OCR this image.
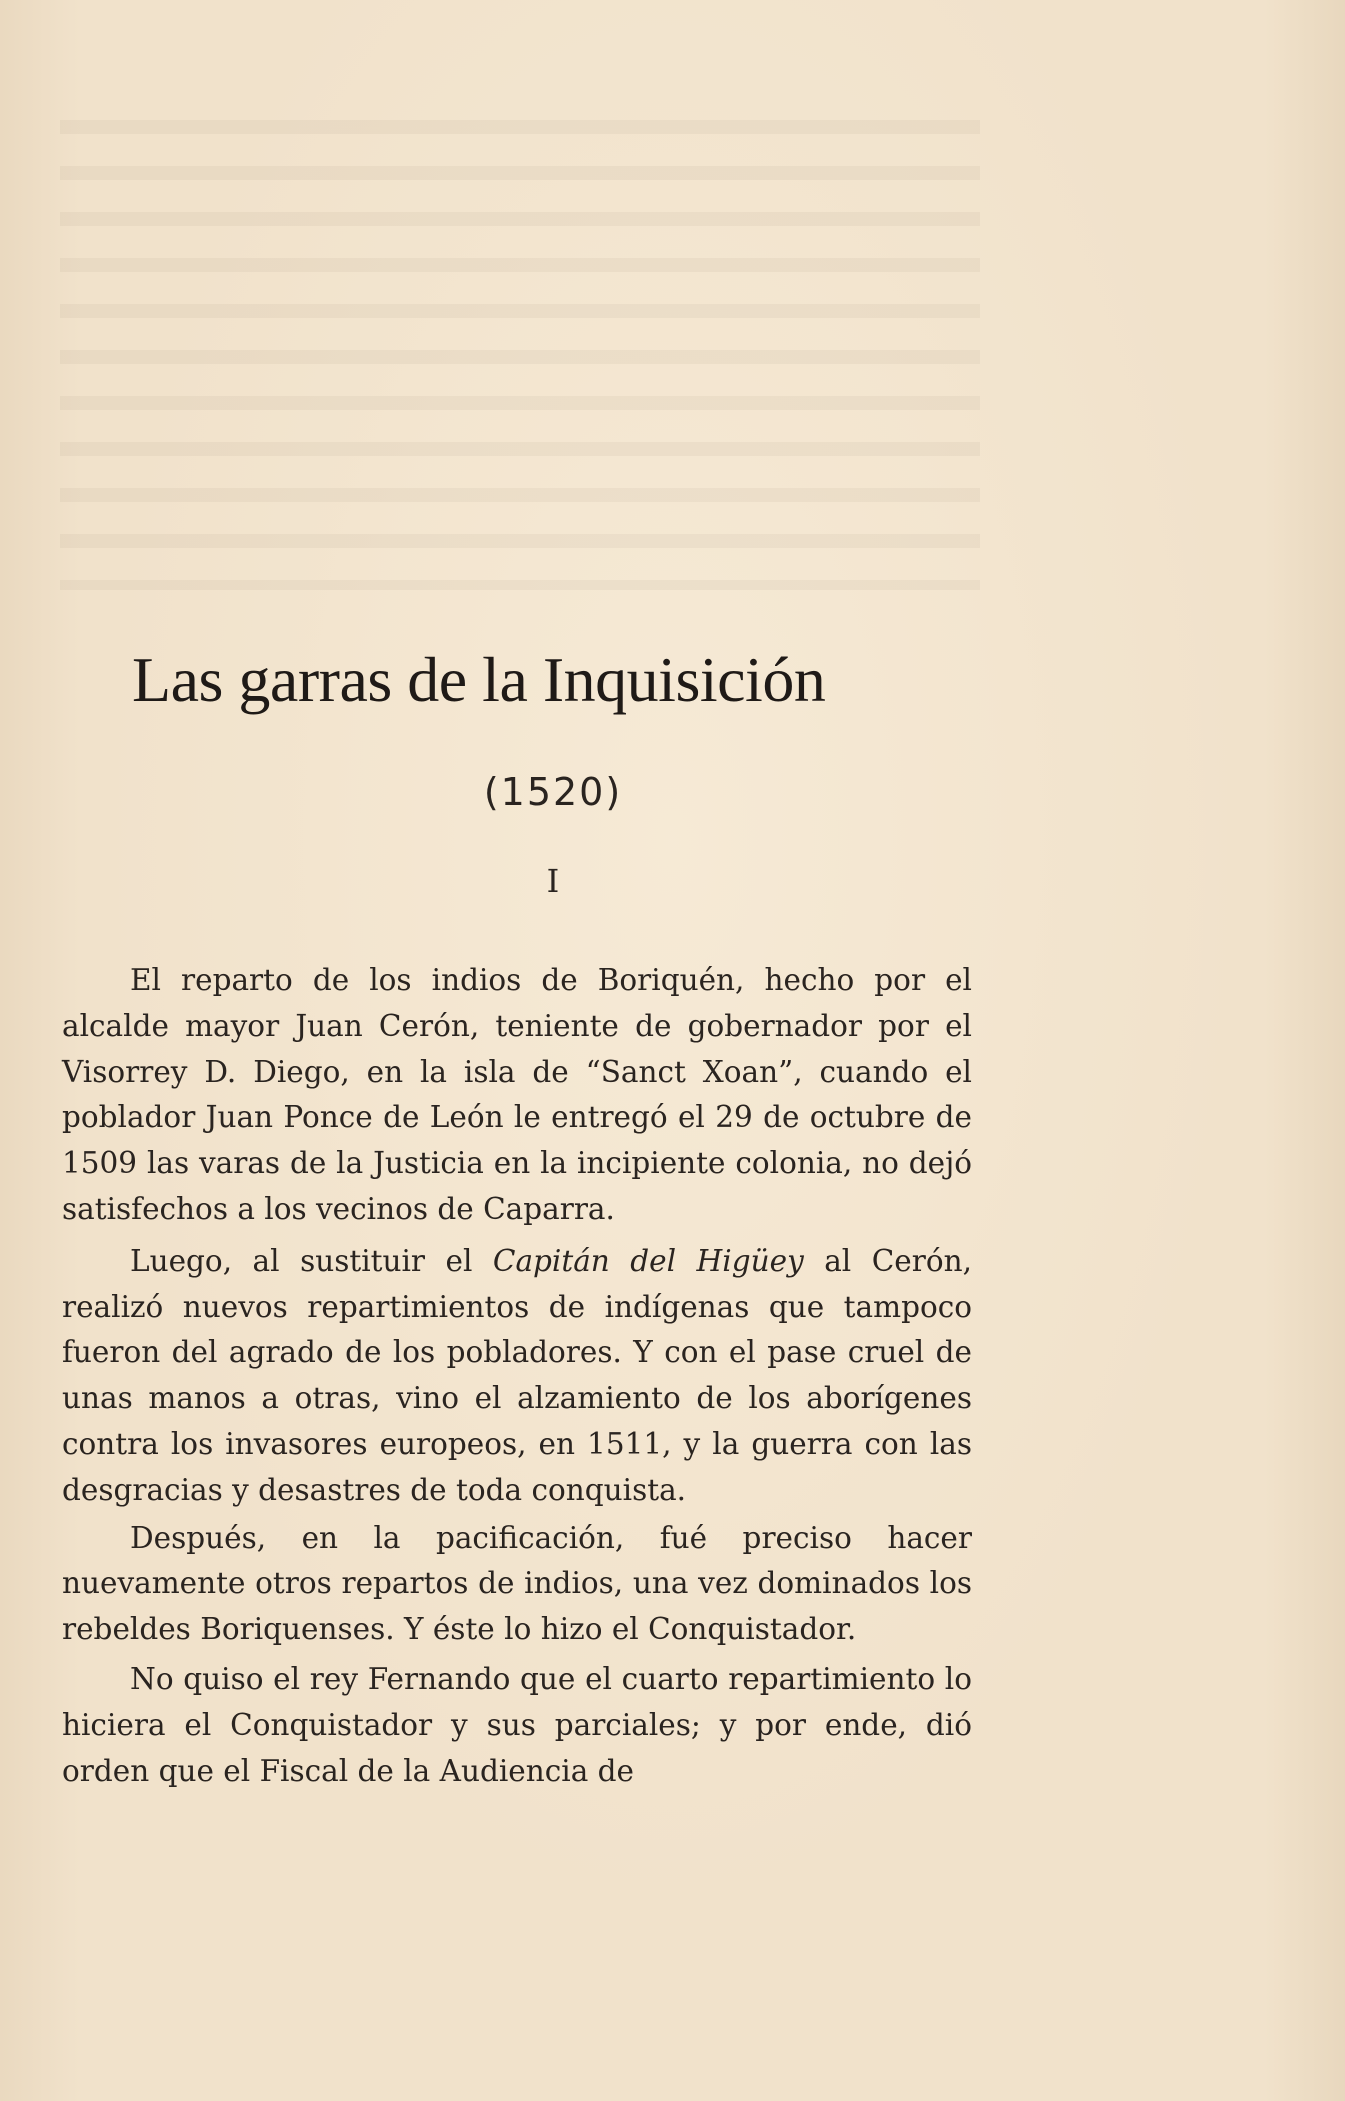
Las garras de la Inquisición
(1520)
I

El reparto de los indios de Boriquén, hecho por el alcalde mayor Juan Cerón, teniente de gobernador por el Visorrey D. Diego, en la isla de “Sanct Xoan”, cuando el poblador Juan Ponce de León le entregó el 29 de octubre de 1509 las varas de la Justicia en la incipiente colonia, no dejó satisfechos a los vecinos de Caparra.

Luego, al sustituir el Capitán del Higüey al Cerón, realizó nuevos repartimientos de indígenas que tampoco fueron del agrado de los pobladores. Y con el pase cruel de unas manos a otras, vino el alzamiento de los aborígenes contra los invasores europeos, en 1511, y la guerra con las desgracias y desastres de toda conquista.

Después, en la pacificación, fué preciso hacer nuevamente otros repartos de indios, una vez dominados los rebeldes Boriquenses. Y éste lo hizo el Conquistador.

No quiso el rey Fernando que el cuarto repartimiento lo hiciera el Conquistador y sus parciales; y por ende, dió orden que el Fiscal de la Audiencia de
